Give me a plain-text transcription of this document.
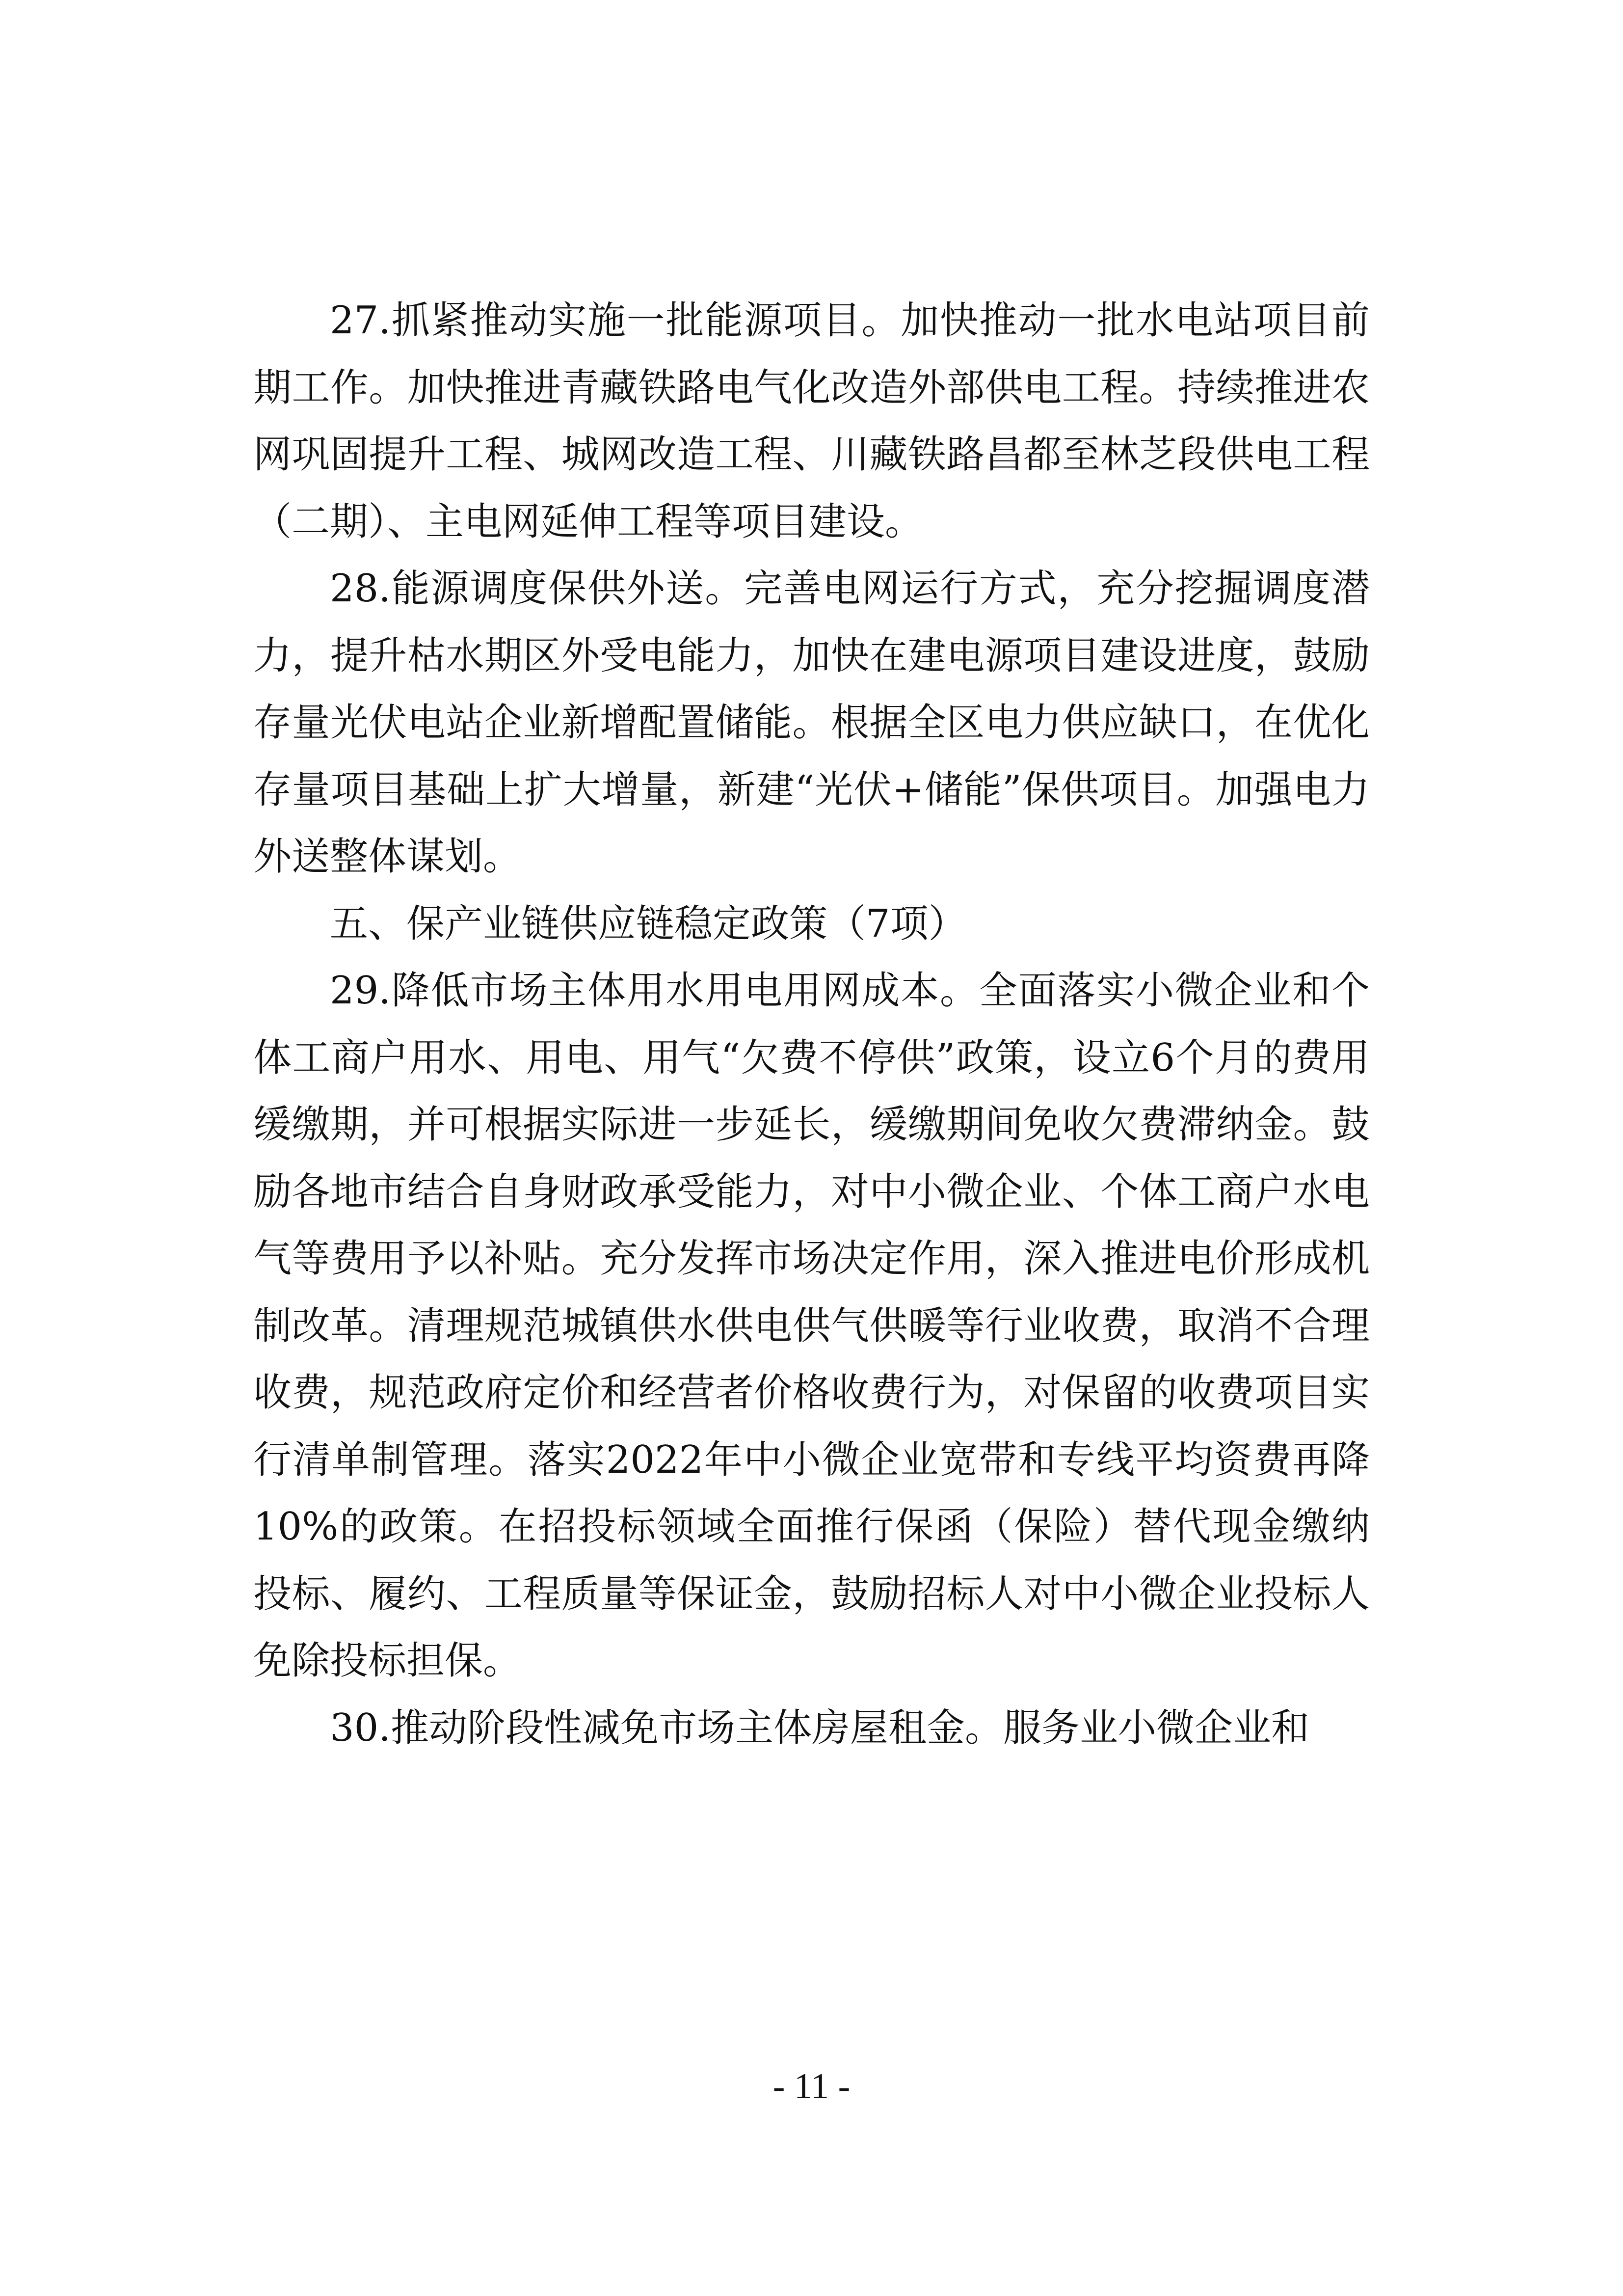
27.抓紧推动实施一批能源项目。加快推动一批水电站项目前期工作。加快推进青藏铁路电气化改造外部供电工程。持续推进农网巩固提升工程、城网改造工程、川藏铁路昌都至林芝段供电工程（二期）、主电网延伸工程等项目建设。

28.能源调度保供外送。完善电网运行方式，充分挖掘调度潜力，提升枯水期区外受电能力，加快在建电源项目建设进度，鼓励存量光伏电站企业新增配置储能。根据全区电力供应缺口，在优化存量项目基础上扩大增量，新建“光伏+储能”保供项目。加强电力外送整体谋划。

五、保产业链供应链稳定政策（7项）

29.降低市场主体用水用电用网成本。全面落实小微企业和个体工商户用水、用电、用气“欠费不停供”政策，设立6个月的费用缓缴期，并可根据实际进一步延长，缓缴期间免收欠费滞纳金。鼓励各地市结合自身财政承受能力，对中小微企业、个体工商户水电气等费用予以补贴。充分发挥市场决定作用，深入推进电价形成机制改革。清理规范城镇供水供电供气供暖等行业收费，取消不合理收费，规范政府定价和经营者价格收费行为，对保留的收费项目实行清单制管理。落实2022年中小微企业宽带和专线平均资费再降10%的政策。在招投标领域全面推行保函（保险）替代现金缴纳投标、履约、工程质量等保证金，鼓励招标人对中小微企业投标人免除投标担保。

30.推动阶段性减免市场主体房屋租金。服务业小微企业和

- 11 -
